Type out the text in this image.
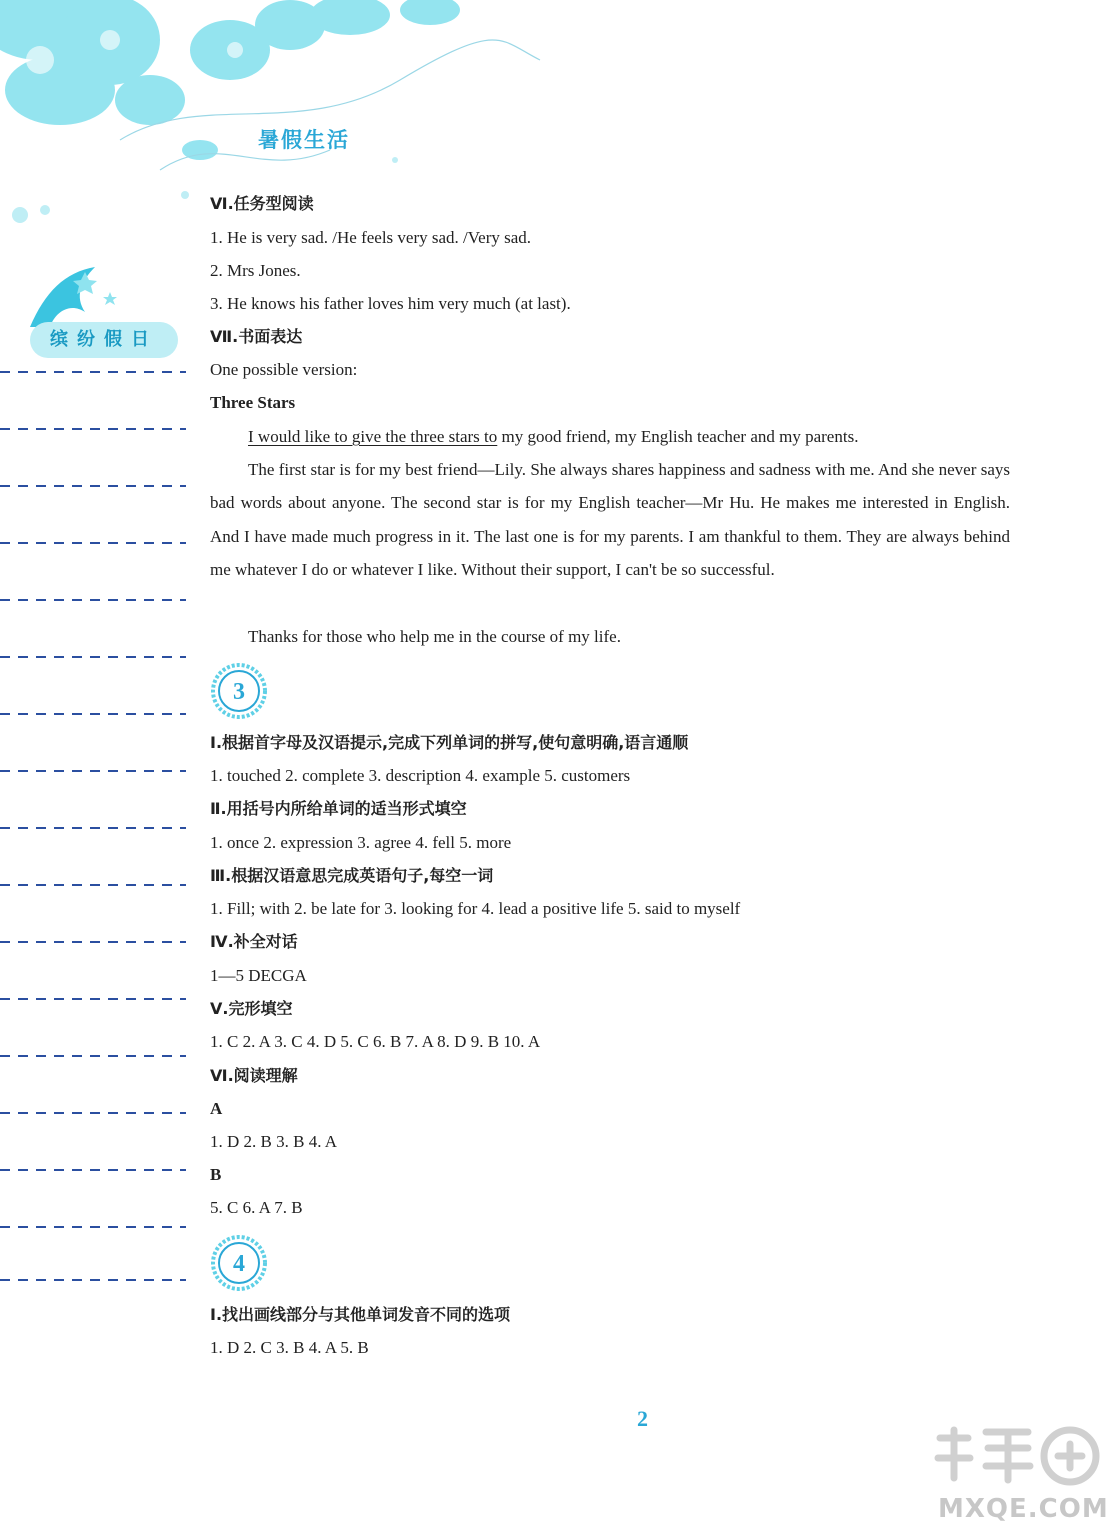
暑假生活
缤纷假日
Ⅵ.任务型阅读
1. He is very sad. /He feels very sad. /Very sad.
2. Mrs Jones.
3. He knows his father loves him very much (at last).
Ⅶ.书面表达
One possible version:
Three Stars
I would like to give the three stars to my good friend, my English teacher and my parents.
The first star is for my best friend—Lily. She always shares happiness and sadness with me. And she never says bad words about anyone. The second star is for my English teacher—Mr Hu. He makes me interested in English. And I have made much progress in it. The last one is for my parents. I am thankful to them. They are always behind me whatever I do or whatever I like. Without their support, I can't be so successful.
Thanks for those who help me in the course of my life.
3
Ⅰ.根据首字母及汉语提示,完成下列单词的拼写,使句意明确,语言通顺
1. touched 2. complete 3. description 4. example 5. customers
Ⅱ.用括号内所给单词的适当形式填空
1. once 2. expression 3. agree 4. fell 5. more
Ⅲ.根据汉语意思完成英语句子,每空一词
1. Fill; with 2. be late for 3. looking for 4. lead a positive life 5. said to myself
Ⅳ.补全对话
1—5 DECGA
Ⅴ.完形填空
1. C 2. A 3. C 4. D 5. C 6. B 7. A 8. D 9. B 10. A
Ⅵ.阅读理解
A
1. D 2. B 3. B 4. A
B
5. C 6. A 7. B
4
Ⅰ.找出画线部分与其他单词发音不同的选项
1. D 2. C 3. B 4. A 5. B
2
MXQE.COM
